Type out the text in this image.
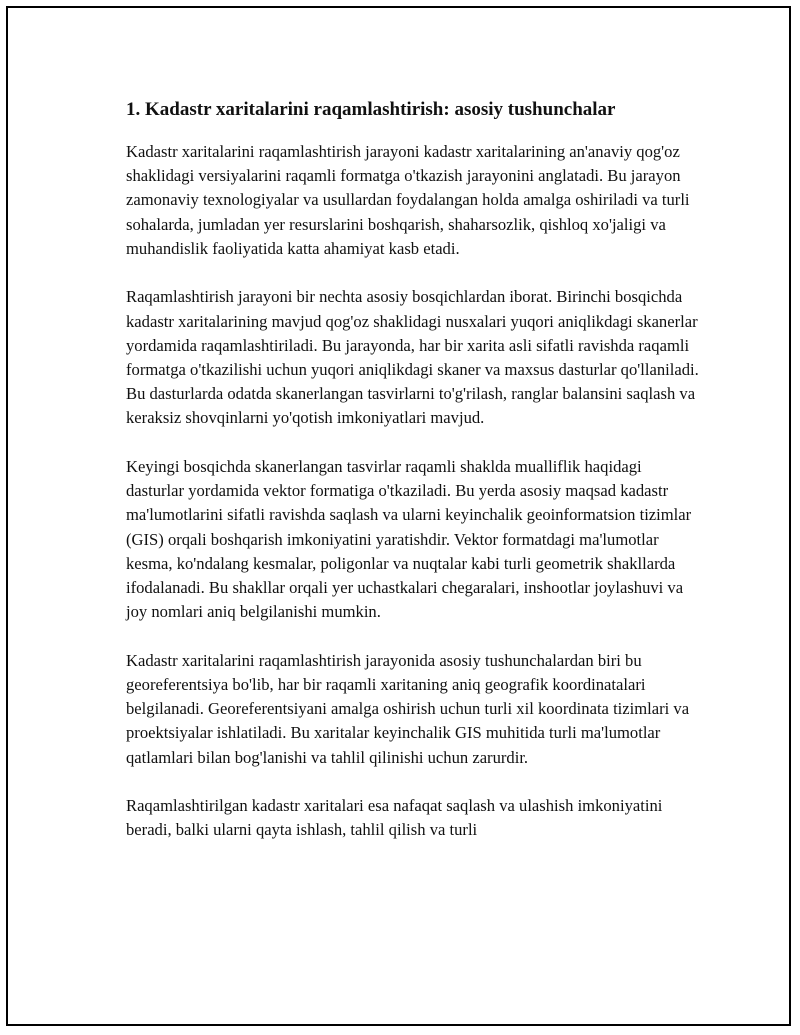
1. Kadastr xaritalarini raqamlashtirish: asosiy tushunchalar

Kadastr xaritalarini raqamlashtirish jarayoni kadastr xaritalarining an'anaviy qog'oz shaklidagi versiyalarini raqamli formatga o'tkazish jarayonini anglatadi. Bu jarayon zamonaviy texnologiyalar va usullardan foydalangan holda amalga oshiriladi va turli sohalarda, jumladan yer resurslarini boshqarish, shaharsozlik, qishloq xo'jaligi va muhandislik faoliyatida katta ahamiyat kasb etadi.

Raqamlashtirish jarayoni bir nechta asosiy bosqichlardan iborat. Birinchi bosqichda kadastr xaritalarining mavjud qog'oz shaklidagi nusxalari yuqori aniqlikdagi skanerlar yordamida raqamlashtiriladi. Bu jarayonda, har bir xarita asli sifatli ravishda raqamli formatga o'tkazilishi uchun yuqori aniqlikdagi skaner va maxsus dasturlar qo'llaniladi. Bu dasturlarda odatda skanerlangan tasvirlarni to'g'rilash, ranglar balansini saqlash va keraksiz shovqinlarni yo'qotish imkoniyatlari mavjud.

Keyingi bosqichda skanerlangan tasvirlar raqamli shaklda mualliflik haqidagi dasturlar yordamida vektor formatiga o'tkaziladi. Bu yerda asosiy maqsad kadastr ma'lumotlarini sifatli ravishda saqlash va ularni keyinchalik geoinformatsion tizimlar (GIS) orqali boshqarish imkoniyatini yaratishdir. Vektor formatdagi ma'lumotlar kesma, ko'ndalang kesmalar, poligonlar va nuqtalar kabi turli geometrik shakllarda ifodalanadi. Bu shakllar orqali yer uchastkalari chegaralari, inshootlar joylashuvi va joy nomlari aniq belgilanishi mumkin.

Kadastr xaritalarini raqamlashtirish jarayonida asosiy tushunchalardan biri bu georeferentsiya bo'lib, har bir raqamli xaritaning aniq geografik koordinatalari belgilanadi. Georeferentsiyani amalga oshirish uchun turli xil koordinata tizimlari va proektsiyalar ishlatiladi. Bu xaritalar keyinchalik GIS muhitida turli ma'lumotlar qatlamlari bilan bog'lanishi va tahlil qilinishi uchun zarurdir.

Raqamlashtirilgan kadastr xaritalari esa nafaqat saqlash va ulashish imkoniyatini beradi, balki ularni qayta ishlash, tahlil qilish va turli
